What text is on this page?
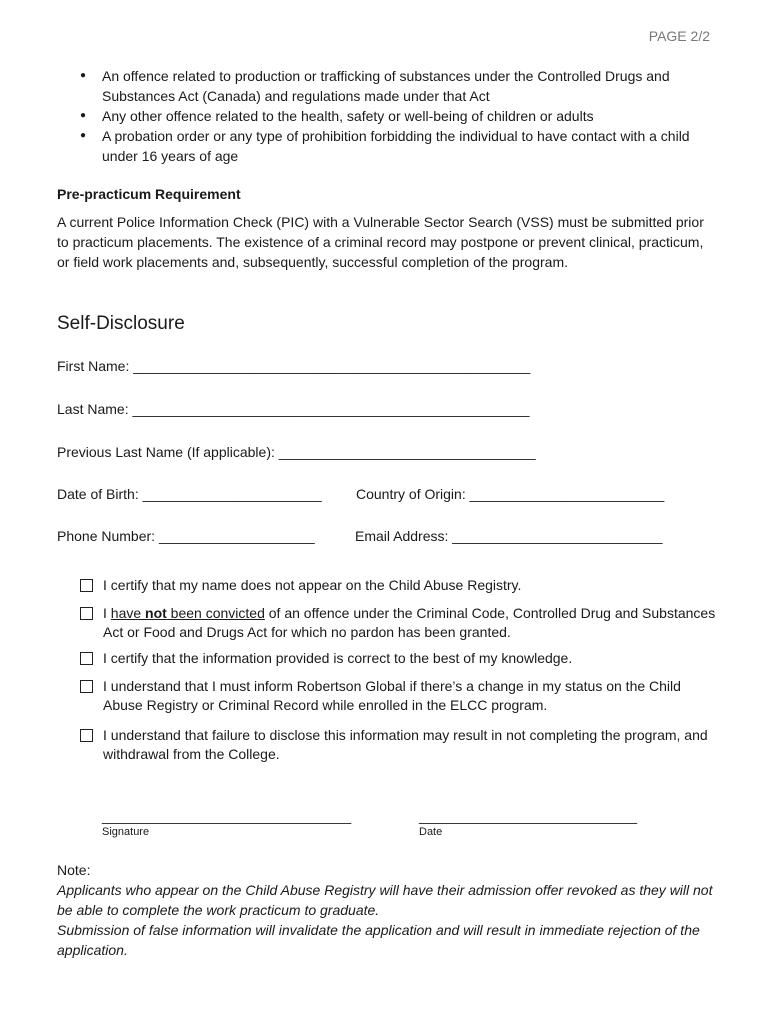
PAGE 2/2
● An offence related to production or trafficking of substances under the Controlled Drugs and Substances Act (Canada) and regulations made under that Act
● Any other offence related to the health, safety or well-being of children or adults
● A probation order or any type of prohibition forbidding the individual to have contact with a child under 16 years of age
Pre-practicum Requirement
A current Police Information Check (PIC) with a Vulnerable Sector Search (VSS) must be submitted prior to practicum placements. The existence of a criminal record may postpone or prevent clinical, practicum, or field work placements and, subsequently, successful completion of the program.
Self-Disclosure
First Name: ___________________________________________________
Last Name: ___________________________________________________
Previous Last Name (If applicable): _________________________________
Date of Birth: _______________________ Country of Origin: _________________________
Phone Number: ____________________	Email Address: ___________________________
I certify that my name does not appear on the Child Abuse Registry.
I have not been convicted of an offence under the Criminal Code, Controlled Drug and Substances Act or Food and Drugs Act for which no pardon has been granted.
I certify that the information provided is correct to the best of my knowledge.
I understand that I must inform Robertson Global if there’s a change in my status on the Child Abuse Registry or Criminal Record while enrolled in the ELCC program.
I understand that failure to disclose this information may result in not completing the program, and withdrawal from the College.
________________________________
Signature
____________________________
Date
Note:
Applicants who appear on the Child Abuse Registry will have their admission offer revoked as they will not be able to complete the work practicum to graduate.
Submission of false information will invalidate the application and will result in immediate rejection of the application.
